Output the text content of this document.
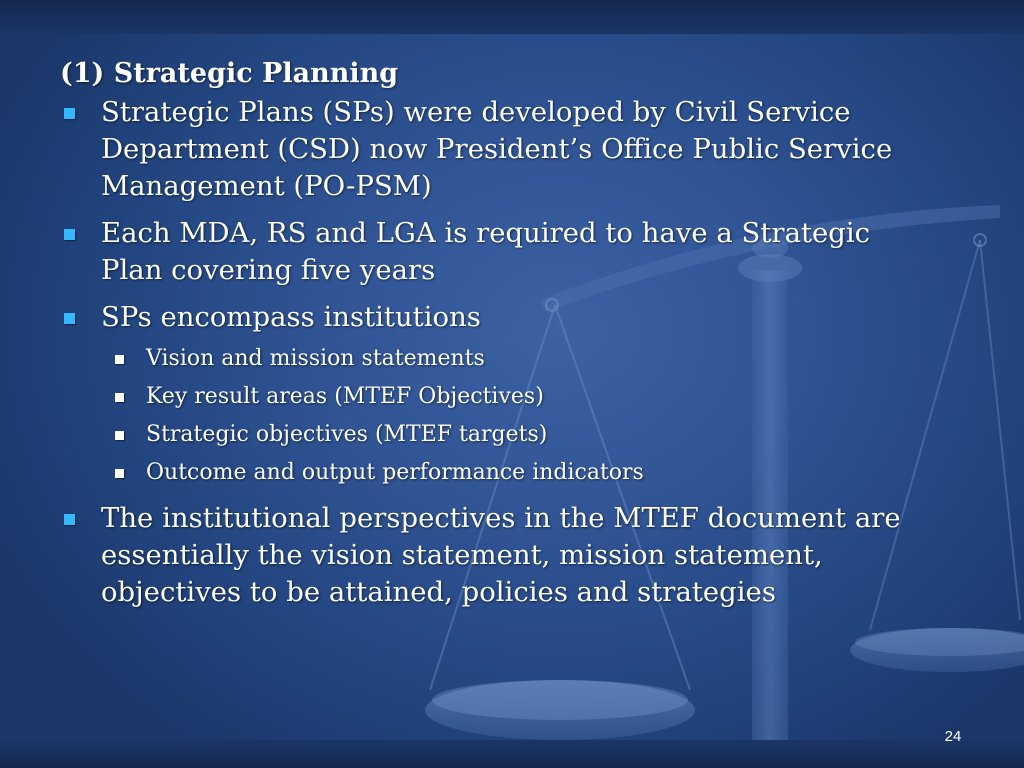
(1) Strategic Planning
Strategic Plans (SPs) were developed by Civil Service Department (CSD) now President’s Office Public Service Management (PO-PSM)
Each MDA, RS and LGA is required to have a Strategic Plan covering five years
SPs encompass institutions
Vision and mission statements
Key result areas (MTEF Objectives)
Strategic objectives (MTEF targets)
Outcome and output performance indicators
The institutional perspectives in the MTEF document are essentially the vision statement, mission statement, objectives to be attained, policies and strategies
24
